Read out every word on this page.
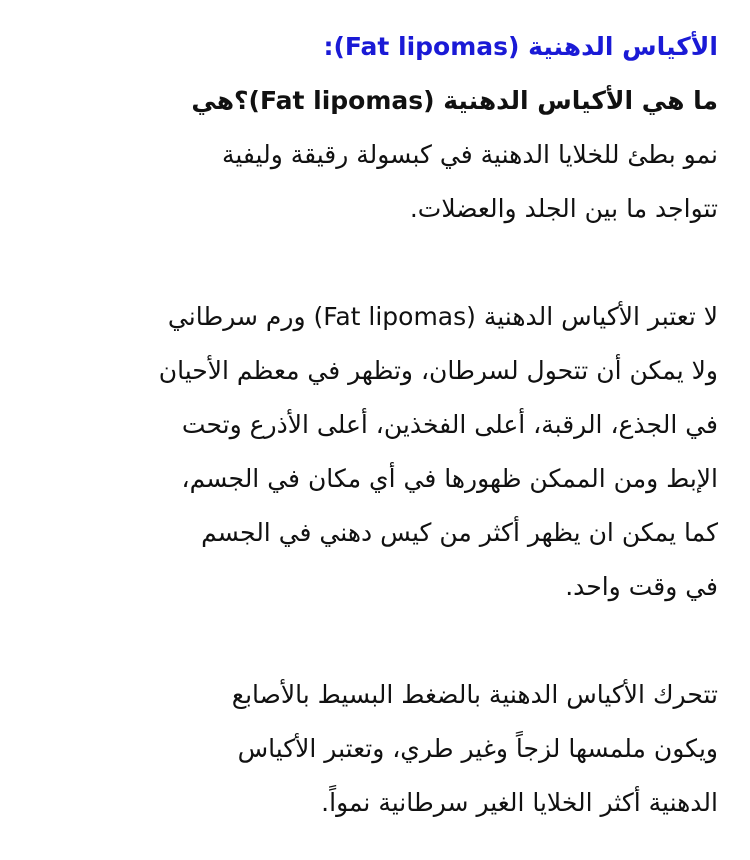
الأكياس الدهنية (Fat lipomas):
ما هي الأكياس الدهنية (Fat lipomas)؟هي

نمو بطئ للخلايا الدهنية في كبسولة رقيقة وليفية
تتواجد ما بين الجلد والعضلات.

لا تعتبر الأكياس الدهنية (Fat lipomas) ورم سرطاني
ولا يمكن أن تتحول لسرطان، وتظهر في معظم الأحيان
في الجذع، الرقبة، أعلى الفخذين، أعلى الأذرع وتحت
الإبط ومن الممكن ظهورها في أي مكان في الجسم،
كما يمكن ان يظهر أكثر من كيس دهني في الجسم
في وقت واحد.

تتحرك الأكياس الدهنية بالضغط البسيط بالأصابع
ويكون ملمسها لزجاً وغير طري، وتعتبر الأكياس
الدهنية أكثر الخلايا الغير سرطانية نمواً.
